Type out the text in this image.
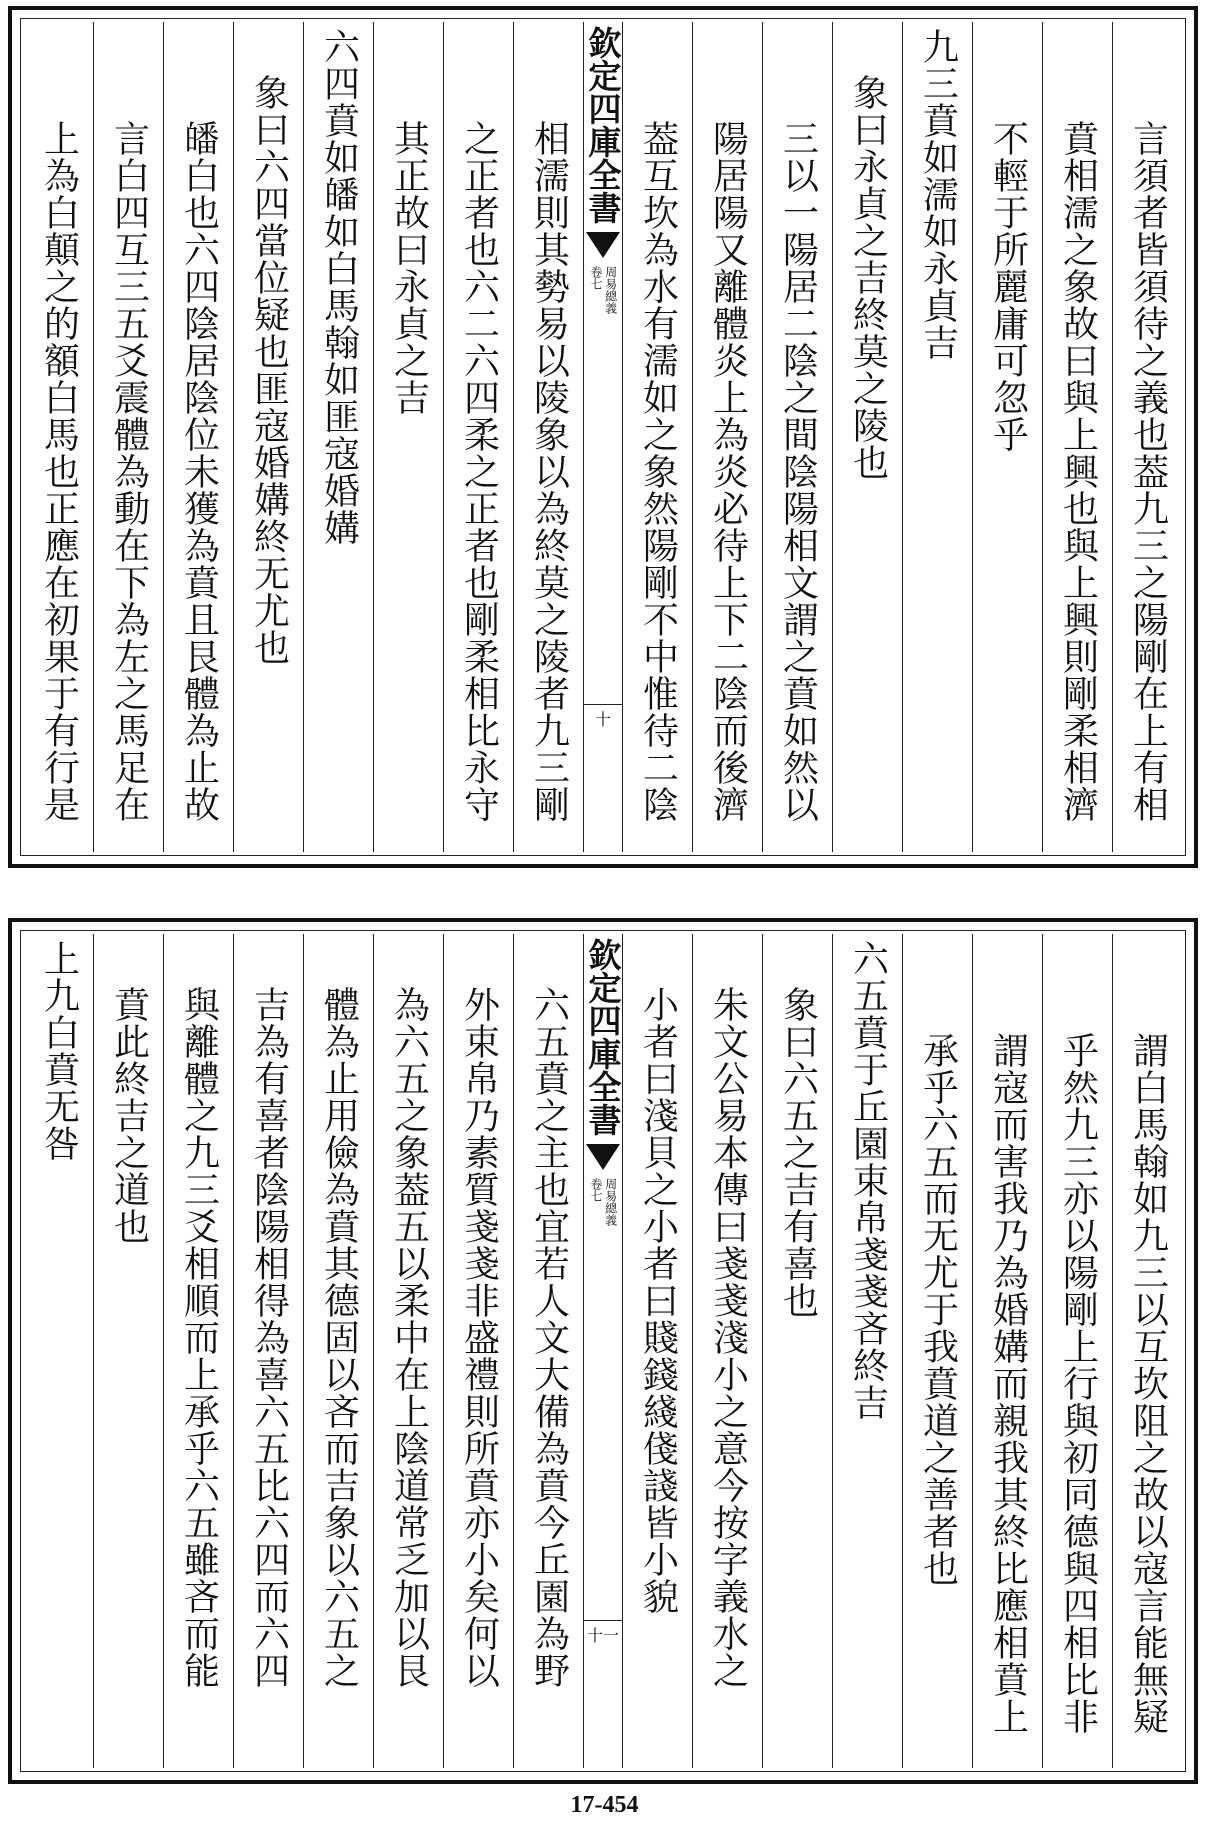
言須者皆須待之義也葢九三之陽剛在上有相
賁相濡之象故曰與上興也與上興則剛柔相濟
不輕于所麗庸可忽乎
九三賁如濡如永貞吉
象曰永貞之吉終莫之陵也
三以一陽居二陰之間陰陽相文謂之賁如然以
陽居陽又離體炎上為炎必待上下二陰而後濟
葢互坎為水有濡如之象然陽剛不中惟待二陰
欽定四庫全書
周易總義
卷七
十
相濡則其勢易以陵象以為終莫之陵者九三剛
之正者也六二六四柔之正者也剛柔相比永守
其正故曰永貞之吉
六四賁如皤如白馬翰如匪寇婚媾
象曰六四當位疑也匪寇婚媾終无尤也
皤白也六四陰居陰位未獲為賁且艮體為止故
言白四互三五爻震體為動在下為左之馬足在
上為白顛之的額白馬也正應在初果于有行是
謂白馬翰如九三以互坎阻之故以寇言能無疑
乎然九三亦以陽剛上行與初同德與四相比非
謂寇而害我乃為婚媾而親我其終比應相賁上
承乎六五而无尤于我賁道之善者也
六五賁于丘園束帛戔戔吝終吉
象曰六五之吉有喜也
朱文公易本傳曰戔戔淺小之意今按字義水之
小者曰淺貝之小者曰賤錢綫俴諓皆小貌
欽定四庫全書
周易總義
卷七
十一
六五賁之主也宜若人文大備為賁今丘園為野
外束帛乃素質戔戔非盛禮則所賁亦小矣何以
為六五之象葢五以柔中在上陰道常乏加以艮
體為止用儉為賁其德固以吝而吉象以六五之
吉為有喜者陰陽相得為喜六五比六四而六四
與離體之九三爻相順而上承乎六五雖吝而能
賁此終吉之道也
上九白賁无咎
17-454
